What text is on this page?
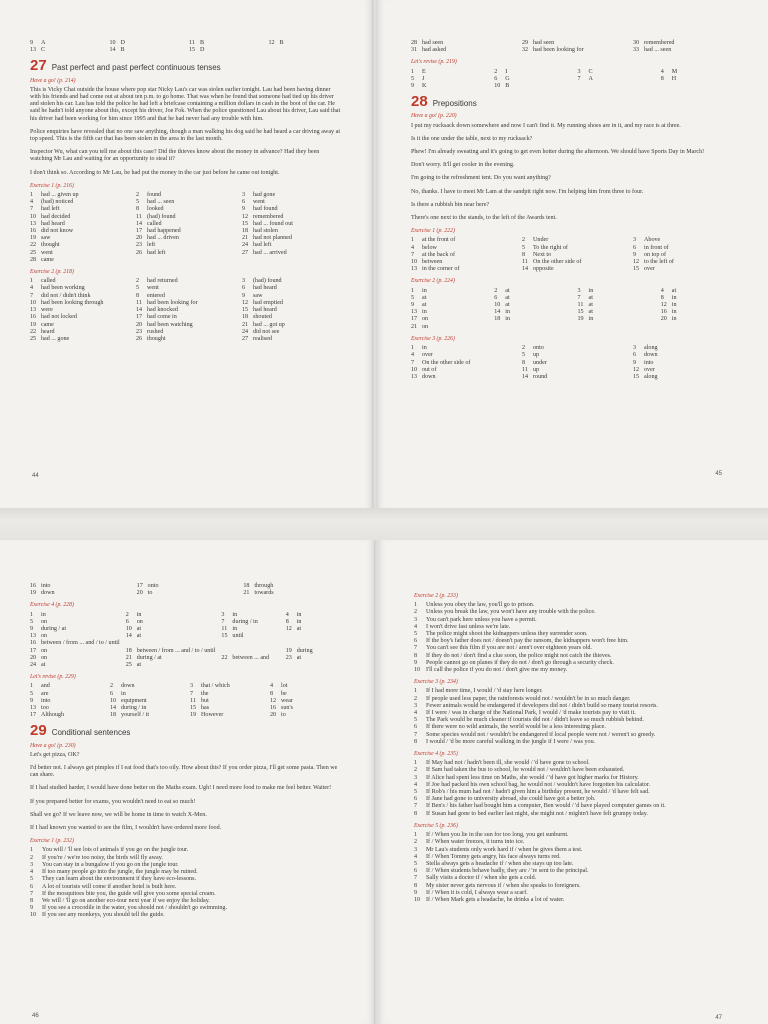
9 A	10 D	11 B	12 B
13 C	14 B	15 D
27 Past perfect and past perfect continuous tenses
Have a go! (p. 214)

This is Vicky Chai outside the house where pop star Nicky Lau's car was stolen earlier tonight. Lau had been having dinner with his friends and had come out at about ten p.m. to go home. That was when he found that someone had tied up his driver and stolen his car. Lau has told the police he had left a briefcase containing a million dollars in cash in the boot of the car. He said he hadn't told anyone about this, except his driver, Joe Fok. When the police questioned Lau about his driver, Lau said that his driver had been working for him since 1995 and that he had never had any trouble with him.

Police enquiries have revealed that no one saw anything, though a man walking his dog said he had heard a car driving away at top speed. This is the fifth car that has been stolen in the area in the last month.

Inspector Wu, what can you tell me about this case? Did the thieves know about the money in advance? Had they been watching Mr Lau and waiting for an opportunity to steal it?

I don't think so. According to Mr Lau, he had put the money in the car just before he came out tonight.

Exercise 1 (p. 216)
1 had ... given up	2 found	3 had gone
4 (had) noticed	5 had ... seen	6 went
7 had left	8 looked	9 had found
10 had decided	11 (had) found	12 remembered
13 had heard	14 called	15 had ... found out
16 did not know	17 had happened	18 had stolen
19 saw	20 had ... driven	21 had not planned
22 thought	23 left	24 had left
25 went	26 had left	27 had ... arrived
28 came
Exercise 2 (p. 218)
1 called	2 had returned	3 (had) found
4 had been working	5 went	6 had heard
7 did not / didn't think	8 entered	9 saw
10 had been looking through	11 had been looking for	12 had emptied
13 were	14 had knocked	15 had heard
16 had not locked	17 had come in	18 shouted
19 came	20 had been watching	21 had ... got up
22 heard	23 rushed	24 did not see
25 had ... gone	26 thought	27 realised
44
28 had seen	29 had seen	30 remembered
31 had asked	32 had been looking for	33 had ... seen
Let's revise (p. 219)
1 E	2 I	3 C	4 M
5 J	6 G	7 A	8 H
9 K	10 B
28 Prepositions
Have a go! (p. 220)

I put my rucksack down somewhere and now I can't find it. My running shoes are in it, and my race is at three.

Is it the one under the table, next to my rucksack?

Phew! I'm already sweating and it's going to get even hotter during the afternoon. We should have Sports Day in March!

Don't worry. It'll get cooler in the evening.

I'm going to the refreshment tent. Do you want anything?

No, thanks. I have to meet Mr Lam at the sandpit right now. I'm helping him from three to four.

Is there a rubbish bin near here?

There's one next to the stands, to the left of the Awards tent.

Exercise 1 (p. 222)
1 at the front of	2 Under	3 Above
4 below	5 To the right of	6 in front of
7 at the back of	8 Next to	9 on top of
10 between	11 On the other side of	12 to the left of
13 in the corner of	14 opposite	15 over
Exercise 2 (p. 224)
1 in	2 at	3 in	4 at
5 at	6 at	7 at	8 in
9 at	10 at	11 at	12 in
13 in	14 in	15 at	16 in
17 on	18 in	19 in	20 in
21 on
Exercise 3 (p. 226)
1 in	2 onto	3 along
4 over	5 up	6 down
7 On the other side of	8 under	9 into
10 out of	11 up	12 over
13 down	14 round	15 along
45
16 into	17 onto	18 through
19 down	20 to	21 towards
Exercise 4 (p. 228)
1 in	2 in	3 in	4 in
5 on	6 on	7 during / in	8 in
9 during / at	10 at	11 in	12 at
13 on	14 at	15 until
16 between / from ... and / to / until
17 on	18 between / from ... and / to / until	19 during
20 on	21 during / at	22 between ... and	23 at
24 at	25 at
Let's revise (p. 229)
1 and	2 down	3 that / which	4 lot
5 are	6 in	7 the	8 be
9 into	10 equipment	11 but	12 wear
13 too	14 during / in	15 has	16 sun's
17 Although	18 yourself / it	19 However	20 to
29 Conditional sentences
Have a go! (p. 230)

Let's get pizza, OK?

I'd better not. I always get pimples if I eat food that's too oily. How about this? If you order pizza, I'll get some pasta. Then we can share.

If I had studied harder, I would have done better on the Maths exam. Ugh! I need more food to make me feel better. Waiter!

If you prepared better for exams, you wouldn't need to eat so much!

Shall we go? If we leave now, we will be home in time to watch X-Men.

If I had known you wanted to see the film, I wouldn't have ordered more food.

Exercise 1 (p. 232)
1	You will / 'll see lots of animals if you go on the jungle tour.
2	If you're / we're too noisy, the birds will fly away.
3	You can stay in a bungalow if you go on the jungle tour.
4	If too many people go into the jungle, the jungle may be ruined.
5	They can learn about the environment if they have eco-lessons.
6	A lot of tourists will come if another hotel is built here.
7	If the mosquitoes bite you, the guide will give you some special cream.
8	We will / 'll go on another eco-tour next year if we enjoy the holiday.
9	If you see a crocodile in the water, you should not / shouldn't go swimming.
10 If you see any monkeys, you should tell the guide.
46
Exercise 2 (p. 233)
1	Unless you obey the law, you'll go to prison.
2	Unless you break the law, you won't have any trouble with the police.
3	You can't park here unless you have a permit.
4	I won't drive fast unless we're late.
5	The police might shoot the kidnappers unless they surrender soon.
6	If the boy's father does not / doesn't pay the ransom, the kidnappers won't free him.
7	You can't see this film if you are not / aren't over eighteen years old.
8	If they do not / don't find a clue soon, the police might not catch the thieves.
9	People cannot go on planes if they do not / don't go through a security check.
10 I'll call the police if you do not / don't give me my money.
Exercise 3 (p. 234)
1	If I had more time, I would / 'd stay here longer.
2	If people used less paper, the rainforests would not / wouldn't be in so much danger.
3	Fewer animals would be endangered if developers did not / didn't build so many tourist resorts.
4	If I were / was in charge of the National Park, I would / 'd make tourists pay to visit it.
5	The Park would be much cleaner if tourists did not / didn't leave so much rubbish behind.
6	If there were no wild animals, the world would be a less interesting place.
7	Some species would not / wouldn't be endangered if local people were not / weren't so greedy.
8	I would / 'd be more careful walking in the jungle if I were / was you.
Exercise 4 (p. 235)
1	If May had not / hadn't been ill, she would / 'd have gone to school.
2	If Sam had taken the bus to school, he would not / wouldn't have been exhausted.
3	If Alice had spent less time on Maths, she would / 'd have got higher marks for History.
4	If Joe had packed his own school bag, he would not / wouldn't have forgotten his calculator.
5	If Rob's / his mum had not / hadn't given him a birthday present, he would / 'd have felt sad.
6	If Jane had gone to university abroad, she could have got a better job.
7	If Ben's / his father had bought him a computer, Ben would / 'd have played computer games on it.
8	If Susan had gone to bed earlier last night, she might not / mightn't have felt grumpy today.
Exercise 5 (p. 236)
1	If / When you lie in the sun for too long, you get sunburnt.
2	If / When water freezes, it turns into ice.
3	Mr Lau's students only work hard if / when he gives them a test.
4	If / When Tommy gets angry, his face always turns red.
5	Stella always gets a headache if / when she stays up too late.
6	If / When students behave badly, they are / 're sent to the principal.
7	Sally visits a doctor if / when she gets a cold.
8	My sister never gets nervous if / when she speaks to foreigners.
9	If / When it is cold, I always wear a scarf.
10 If / When Mark gets a headache, he drinks a lot of water.
47
